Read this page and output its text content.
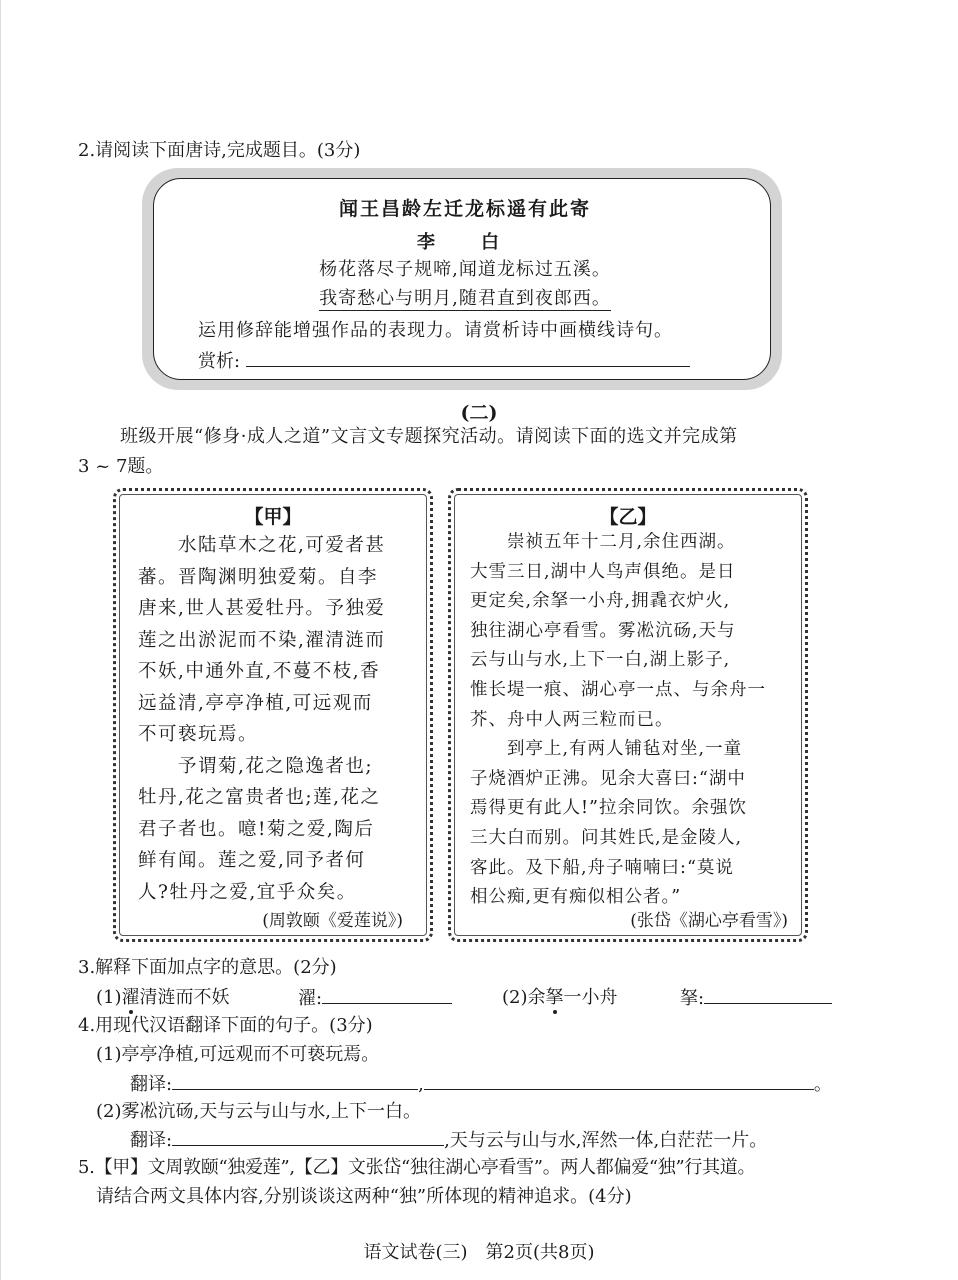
2.请阅读下面唐诗,完成题目。(3分)
闻王昌龄左迁龙标遥有此寄
李　白
杨花落尽子规啼,闻道龙标过五溪。
我寄愁心与明月,随君直到夜郎西。
运用修辞能增强作品的表现力。请赏析诗中画横线诗句。
赏析:
(二)
班级开展“修身·成人之道”文言文专题探究活动。请阅读下面的选文并完成第
3 ~ 7题。
【甲】
　　水陆草木之花,可爱者甚
蕃。晋陶渊明独爱菊。自李
唐来,世人甚爱牡丹。予独爱
莲之出淤泥而不染,濯清涟而
不妖,中通外直,不蔓不枝,香
远益清,亭亭净植,可远观而
不可亵玩焉。
　　予谓菊,花之隐逸者也;
牡丹,花之富贵者也;莲,花之
君子者也。噫!菊之爱,陶后
鲜有闻。莲之爱,同予者何
人?牡丹之爱,宜乎众矣。
(周敦颐《爱莲说》)
【乙】
　　崇祯五年十二月,余住西湖。
大雪三日,湖中人鸟声俱绝。是日
更定矣,余拏一小舟,拥毳衣炉火,
独往湖心亭看雪。雾凇沆砀,天与
云与山与水,上下一白,湖上影子,
惟长堤一痕、湖心亭一点、与余舟一
芥、舟中人两三粒而已。
　　到亭上,有两人铺毡对坐,一童
子烧酒炉正沸。见余大喜曰:“湖中
焉得更有此人!”拉余同饮。余强饮
三大白而别。问其姓氏,是金陵人,
客此。及下船,舟子喃喃曰:“莫说
相公痴,更有痴似相公者。”
(张岱《湖心亭看雪》)
3.解释下面加点字的意思。(2分)
(1)濯清涟而不妖	濯:	(2)余拏一小舟	拏:
4.用现代汉语翻译下面的句子。(3分)
(1)亭亭净植,可远观而不可亵玩焉。
翻译:	,	。
(2)雾凇沆砀,天与云与山与水,上下一白。
翻译:	,天与云与山与水,浑然一体,白茫茫一片。
5.【甲】文周敦颐“独爱莲”,【乙】文张岱“独往湖心亭看雪”。两人都偏爱“独”行其道。
请结合两文具体内容,分别谈谈这两种“独”所体现的精神追求。(4分)
语文试卷(三)　第2页(共8页)
